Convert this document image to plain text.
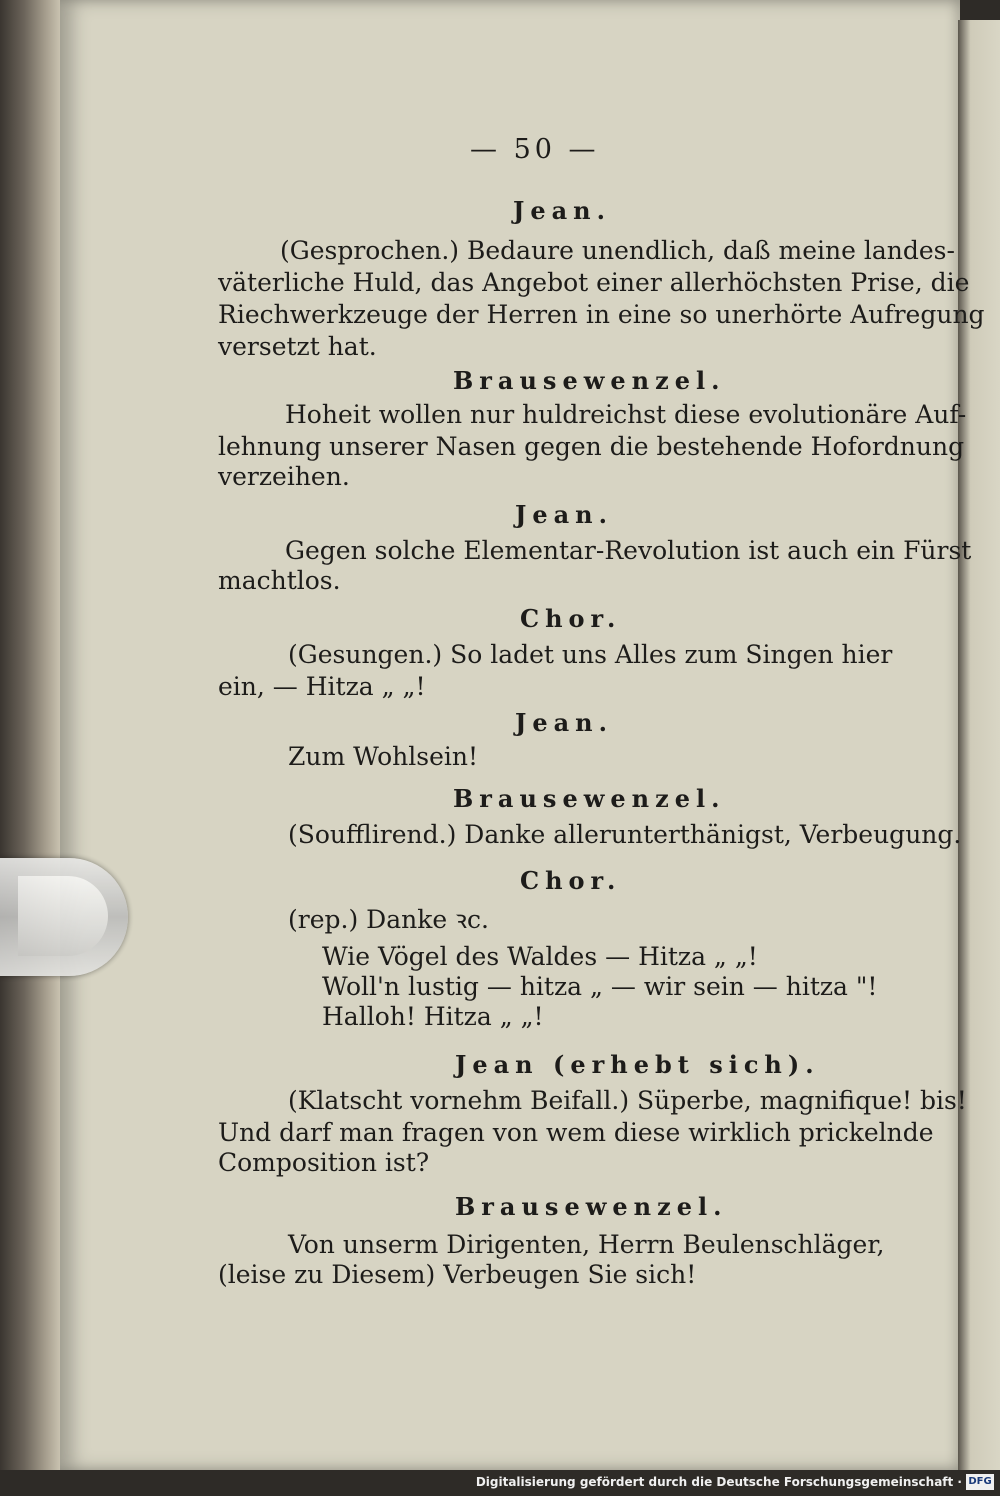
— 50 —
Jean.
(Gesprochen.) Bedaure unendlich, daß meine landes-
väterliche Huld, das Angebot einer allerhöchsten Prise, die
Riechwerkzeuge der Herren in eine so unerhörte Aufregung
versetzt hat.
Brausewenzel.
Hoheit wollen nur huldreichst diese evolutionäre Auf-
lehnung unserer Nasen gegen die bestehende Hofordnung
verzeihen.
Jean.
Gegen solche Elementar-Revolution ist auch ein Fürst
machtlos.
Chor.
(Gesungen.) So ladet uns Alles zum Singen hier
ein, — Hitza „ „!
Jean.
Zum Wohlsein!
Brausewenzel.
(Soufflirend.) Danke allerunterthänigst, Verbeugung.
Chor.
(rep.) Danke ꝛc.
Wie Vögel des Waldes — Hitza „ „!
Woll'n lustig — hitza „ — wir sein — hitza "!
Halloh! Hitza „ „!
Jean (erhebt sich).
(Klatscht vornehm Beifall.) Süperbe, magnifique! bis!
Und darf man fragen von wem diese wirklich prickelnde
Composition ist?
Brausewenzel.
Von unserm Dirigenten, Herrn Beulenschläger,
(leise zu Diesem) Verbeugen Sie sich!
Digitalisierung gefördert durch die Deutsche Forschungsgemeinschaft · DFG
